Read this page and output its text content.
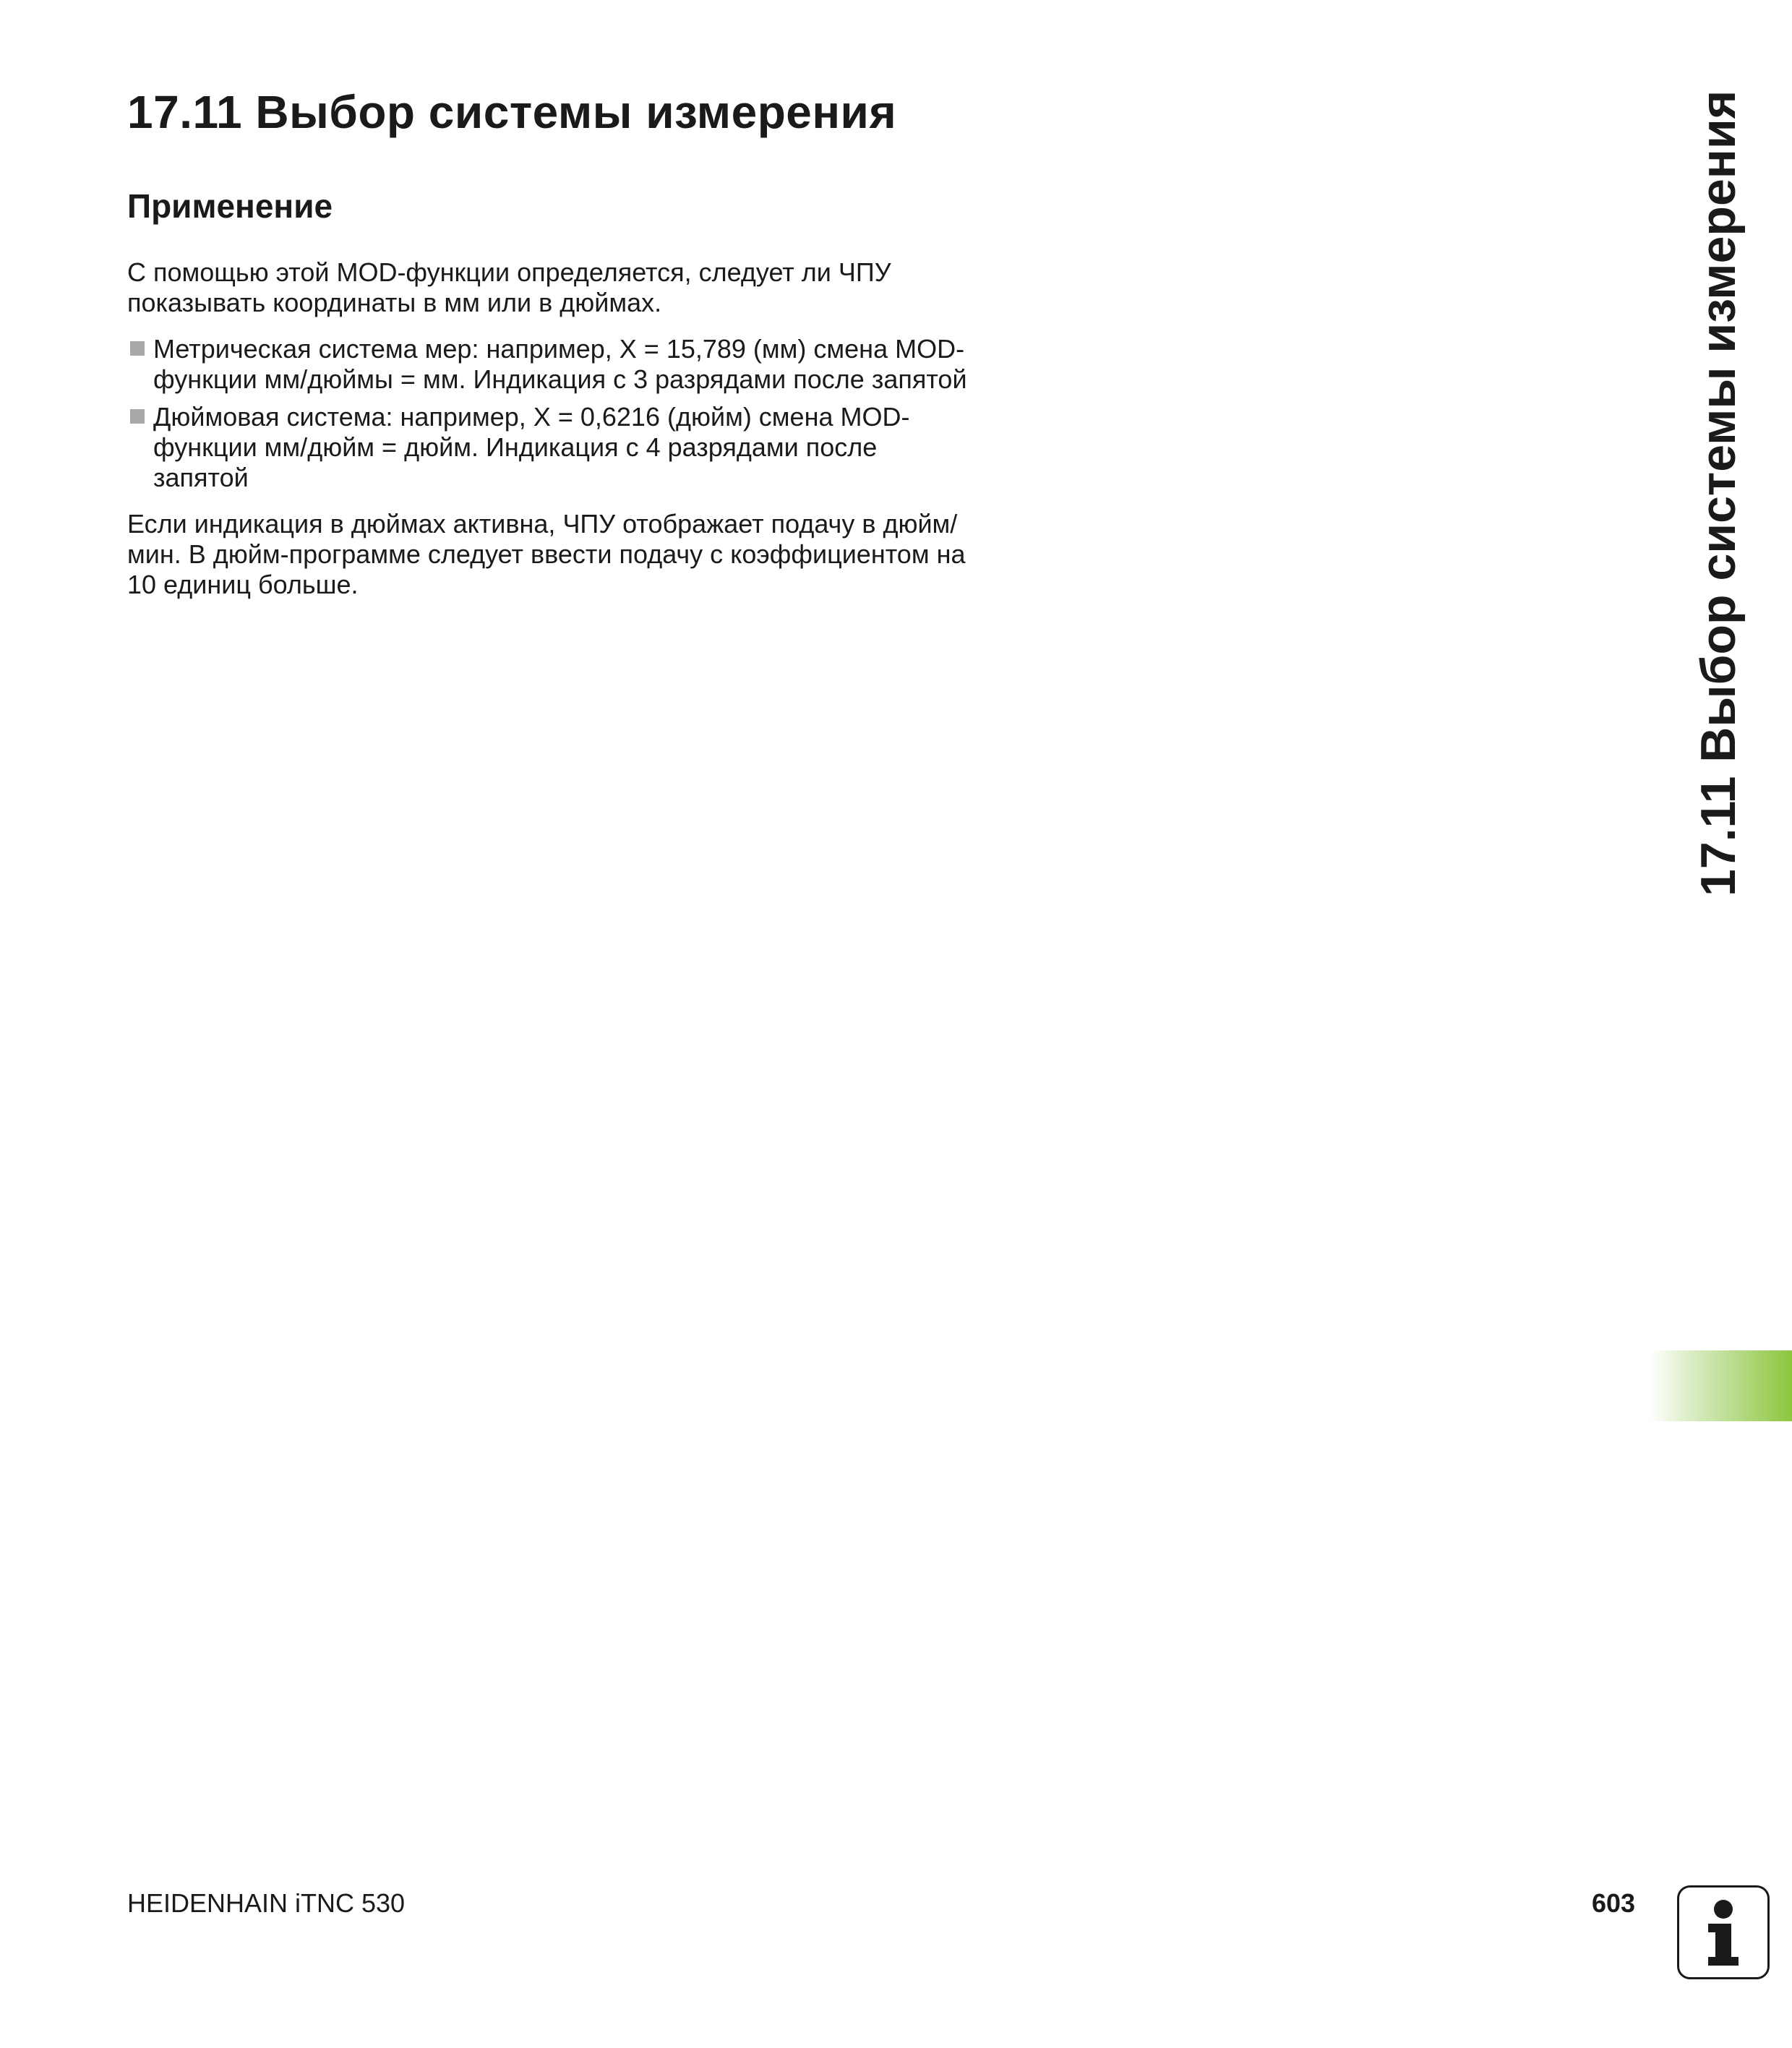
17.11 Выбор системы измерения
Применение

С помощью этой MOD-функции определяется, следует ли ЧПУ показывать координаты в мм или в дюймах.

Метрическая система мер: например, X = 15,789 (мм) смена MOD-функции мм/дюймы = мм. Индикация с 3 разрядами после запятой
Дюймовая система: например, X = 0,6216 (дюйм) смена MOD-функции мм/дюйм = дюйм. Индикация с 4 разрядами после запятой

Если индикация в дюймах активна, ЧПУ отображает подачу в дюйм/мин. В дюйм-программе следует ввести подачу с коэффициентом на 10 единиц больше.	17.11 Выбор системы измерения
HEIDENHAIN iTNC 530	603
